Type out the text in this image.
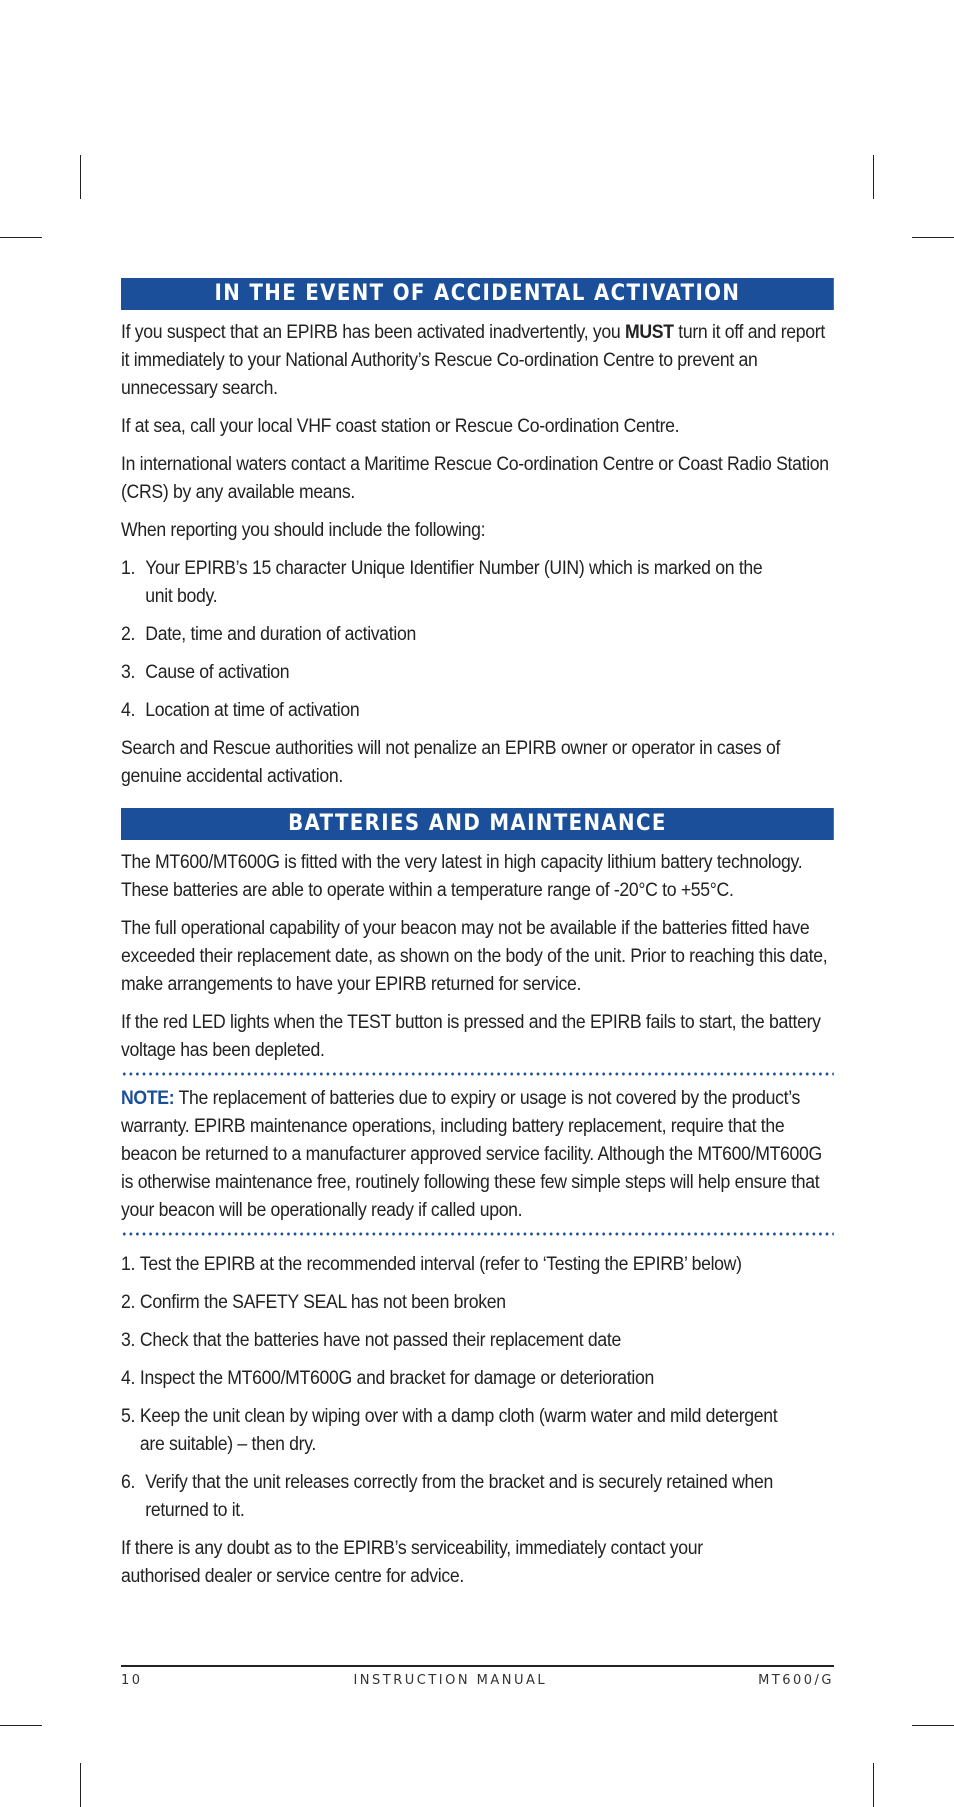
IN THE EVENT OF ACCIDENTAL ACTIVATION

If you suspect that an EPIRB has been activated inadvertently, you MUST turn it off and report it immediately to your National Authority’s Rescue Co-ordination Centre to prevent an unnecessary search.

If at sea, call your local VHF coast station or Rescue Co-ordination Centre.

In international waters contact a Maritime Rescue Co-ordination Centre or Coast Radio Station (CRS) by any available means.

When reporting you should include the following:

1. Your EPIRB’s 15 character Unique Identifier Number (UIN) which is marked on the unit body.
2. Date, time and duration of activation
3. Cause of activation
4. Location at time of activation

Search and Rescue authorities will not penalize an EPIRB owner or operator in cases of genuine accidental activation.

BATTERIES AND MAINTENANCE

The MT600/MT600G is fitted with the very latest in high capacity lithium battery technology. These batteries are able to operate within a temperature range of -20°C to +55°C.

The full operational capability of your beacon may not be available if the batteries fitted have exceeded their replacement date, as shown on the body of the unit. Prior to reaching this date, make arrangements to have your EPIRB returned for service.

If the red LED lights when the TEST button is pressed and the EPIRB fails to start, the battery voltage has been depleted.

NOTE: The replacement of batteries due to expiry or usage is not covered by the product’s warranty. EPIRB maintenance operations, including battery replacement, require that the beacon be returned to a manufacturer approved service facility. Although the MT600/MT600G is otherwise maintenance free, routinely following these few simple steps will help ensure that your beacon will be operationally ready if called upon.

1. Test the EPIRB at the recommended interval (refer to ‘Testing the EPIRB’ below)
2. Confirm the SAFETY SEAL has not been broken
3. Check that the batteries have not passed their replacement date
4. Inspect the MT600/MT600G and bracket for damage or deterioration
5. Keep the unit clean by wiping over with a damp cloth (warm water and mild detergent are suitable) – then dry.
6. Verify that the unit releases correctly from the bracket and is securely retained when returned to it.

If there is any doubt as to the EPIRB’s serviceability, immediately contact your authorised dealer or service centre for advice.

10	INSTRUCTION MANUAL	MT600/G
